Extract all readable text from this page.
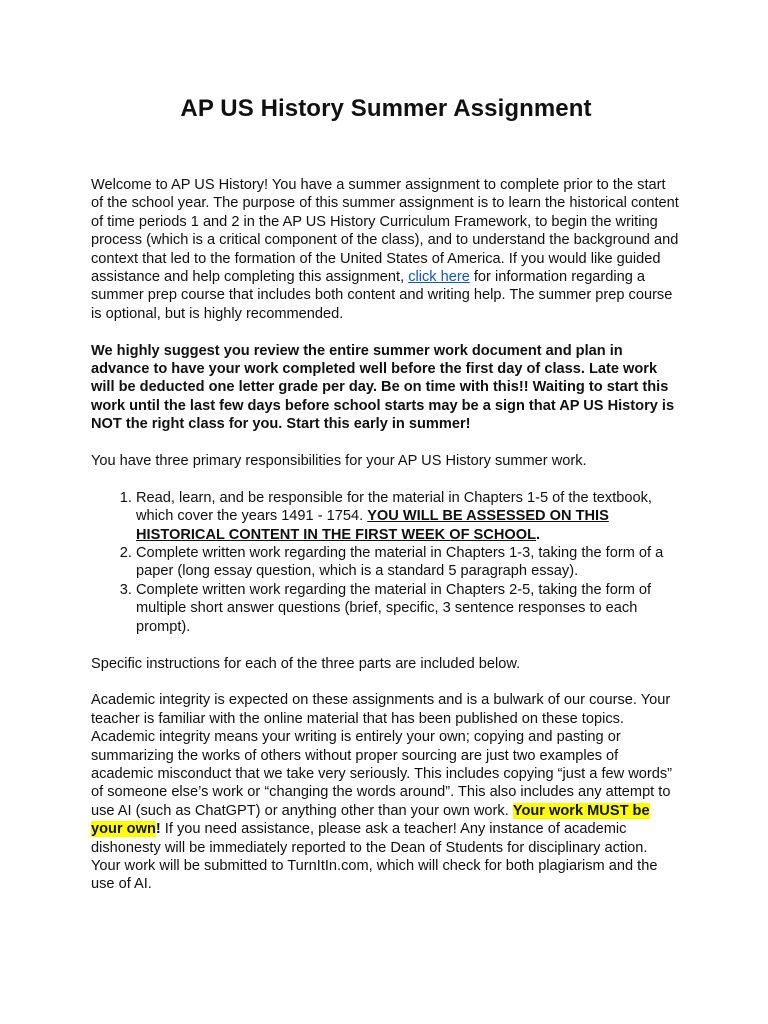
AP US History Summer Assignment

Welcome to AP US History! You have a summer assignment to complete prior to the start of the school year. The purpose of this summer assignment is to learn the historical content of time periods 1 and 2 in the AP US History Curriculum Framework, to begin the writing process (which is a critical component of the class), and to understand the background and context that led to the formation of the United States of America. If you would like guided assistance and help completing this assignment, click here for information regarding a summer prep course that includes both content and writing help. The summer prep course is optional, but is highly recommended.

We highly suggest you review the entire summer work document and plan in advance to have your work completed well before the first day of class. Late work will be deducted one letter grade per day. Be on time with this!! Waiting to start this work until the last few days before school starts may be a sign that AP US History is NOT the right class for you. Start this early in summer!

You have three primary responsibilities for your AP US History summer work.

1. Read, learn, and be responsible for the material in Chapters 1-5 of the textbook, which cover the years 1491 - 1754. YOU WILL BE ASSESSED ON THIS HISTORICAL CONTENT IN THE FIRST WEEK OF SCHOOL.
2. Complete written work regarding the material in Chapters 1-3, taking the form of a paper (long essay question, which is a standard 5 paragraph essay).
3. Complete written work regarding the material in Chapters 2-5, taking the form of multiple short answer questions (brief, specific, 3 sentence responses to each prompt).

Specific instructions for each of the three parts are included below.

Academic integrity is expected on these assignments and is a bulwark of our course. Your teacher is familiar with the online material that has been published on these topics. Academic integrity means your writing is entirely your own; copying and pasting or summarizing the works of others without proper sourcing are just two examples of academic misconduct that we take very seriously. This includes copying “just a few words” of someone else’s work or “changing the words around”. This also includes any attempt to use AI (such as ChatGPT) or anything other than your own work. Your work MUST be your own! If you need assistance, please ask a teacher! Any instance of academic dishonesty will be immediately reported to the Dean of Students for disciplinary action. Your work will be submitted to TurnItIn.com, which will check for both plagiarism and the use of AI.
